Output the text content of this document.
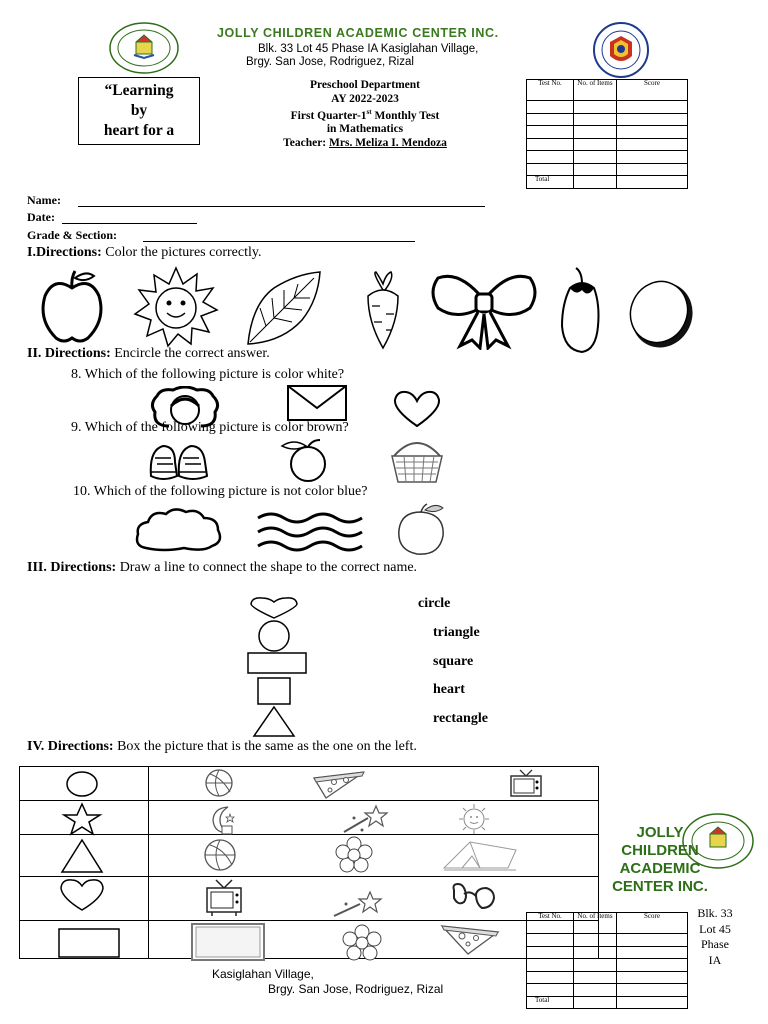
JOLLY CHILDREN ACADEMIC CENTER INC.
Blk. 33 Lot 45 Phase IA Kasiglahan Village,
Brgy. San Jose, Rodriguez, Rizal
“Learning
by
heart for a
Preschool Department
AY 2022-2023
First Quarter-1st Monthly Test
in Mathematics
Teacher: Mrs. Meliza I. Mendoza
Test No.	No. of Items	Score

Total		
Name:
Date:
Grade & Section:
I.Directions: Color the pictures correctly.
II. Directions: Encircle the correct answer.
8. Which of the following picture is color white?
9. Which of the following picture is color brown?
10. Which of the following picture is not color blue?
III. Directions: Draw a line to connect the shape to the correct name.
circle
triangle
square
heart
rectangle
IV. Directions: Box the picture that is the same as the one on the left.

JOLLY
CHILDREN
ACADEMIC
CENTER INC.
Blk. 33
Lot 45
Phase
IA
Test No.	No. of Items	Score

Total		
Kasiglahan Village,
Brgy. San Jose, Rodriguez, Rizal
